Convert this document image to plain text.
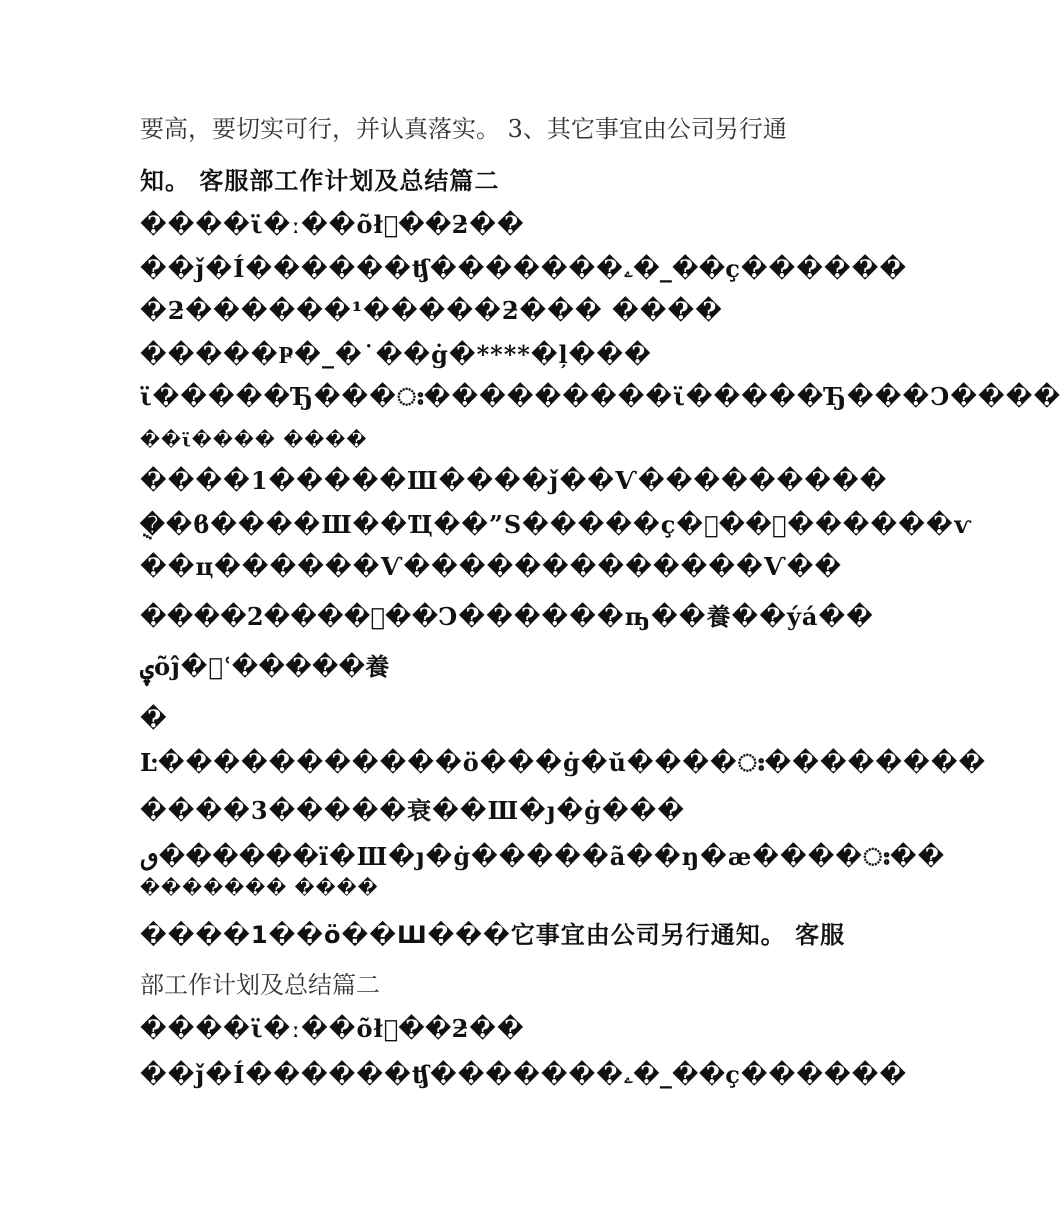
要高，要切实可行，并认真落实。 3、其它事宜由公司另行通
知。 客服部工作计划及总结篇二
����ϊ�ː��õł�ٍ�ƻ��
��ǰ�Í������ʧ�������ۦ�_��ç������
�ƻ������¹�����ƻ��� ����
�����Ҏ�_�˙��ġ�****�ļ���
ϊ�����Ђ���ഃ���������ϊ�����Ђ���Ͻ����
��ϊ���� ����
����1�����Ш����ǰ��Ѵ���������
�ֻ�ϐ����Ш��Ҵ��”Ѕ�����ç��ٍ�ͨ������ѵ
��ц������Ѵ�������������Ѵ��
����2�����ٍ�Ͻ������ҧ��養��ýá��
ۑõĵ�ʿٍ�����養
�
Ŀ�����������ö���ġ�ŭ����ഃ��������
����3�����衰��Ш�ȷ�ġ���
ٯ������ï�Ш�ȷ�ġ�����ã��ŋ�æ����ഃ��
������� ����
����1��ö��Ш���它事宜由公司另行通知。 客服
部工作计划及总结篇二
����ϊ�ː��õł�ٍ�ƻ��
��ǰ�Í������ʧ�������ۦ�_��ç������
